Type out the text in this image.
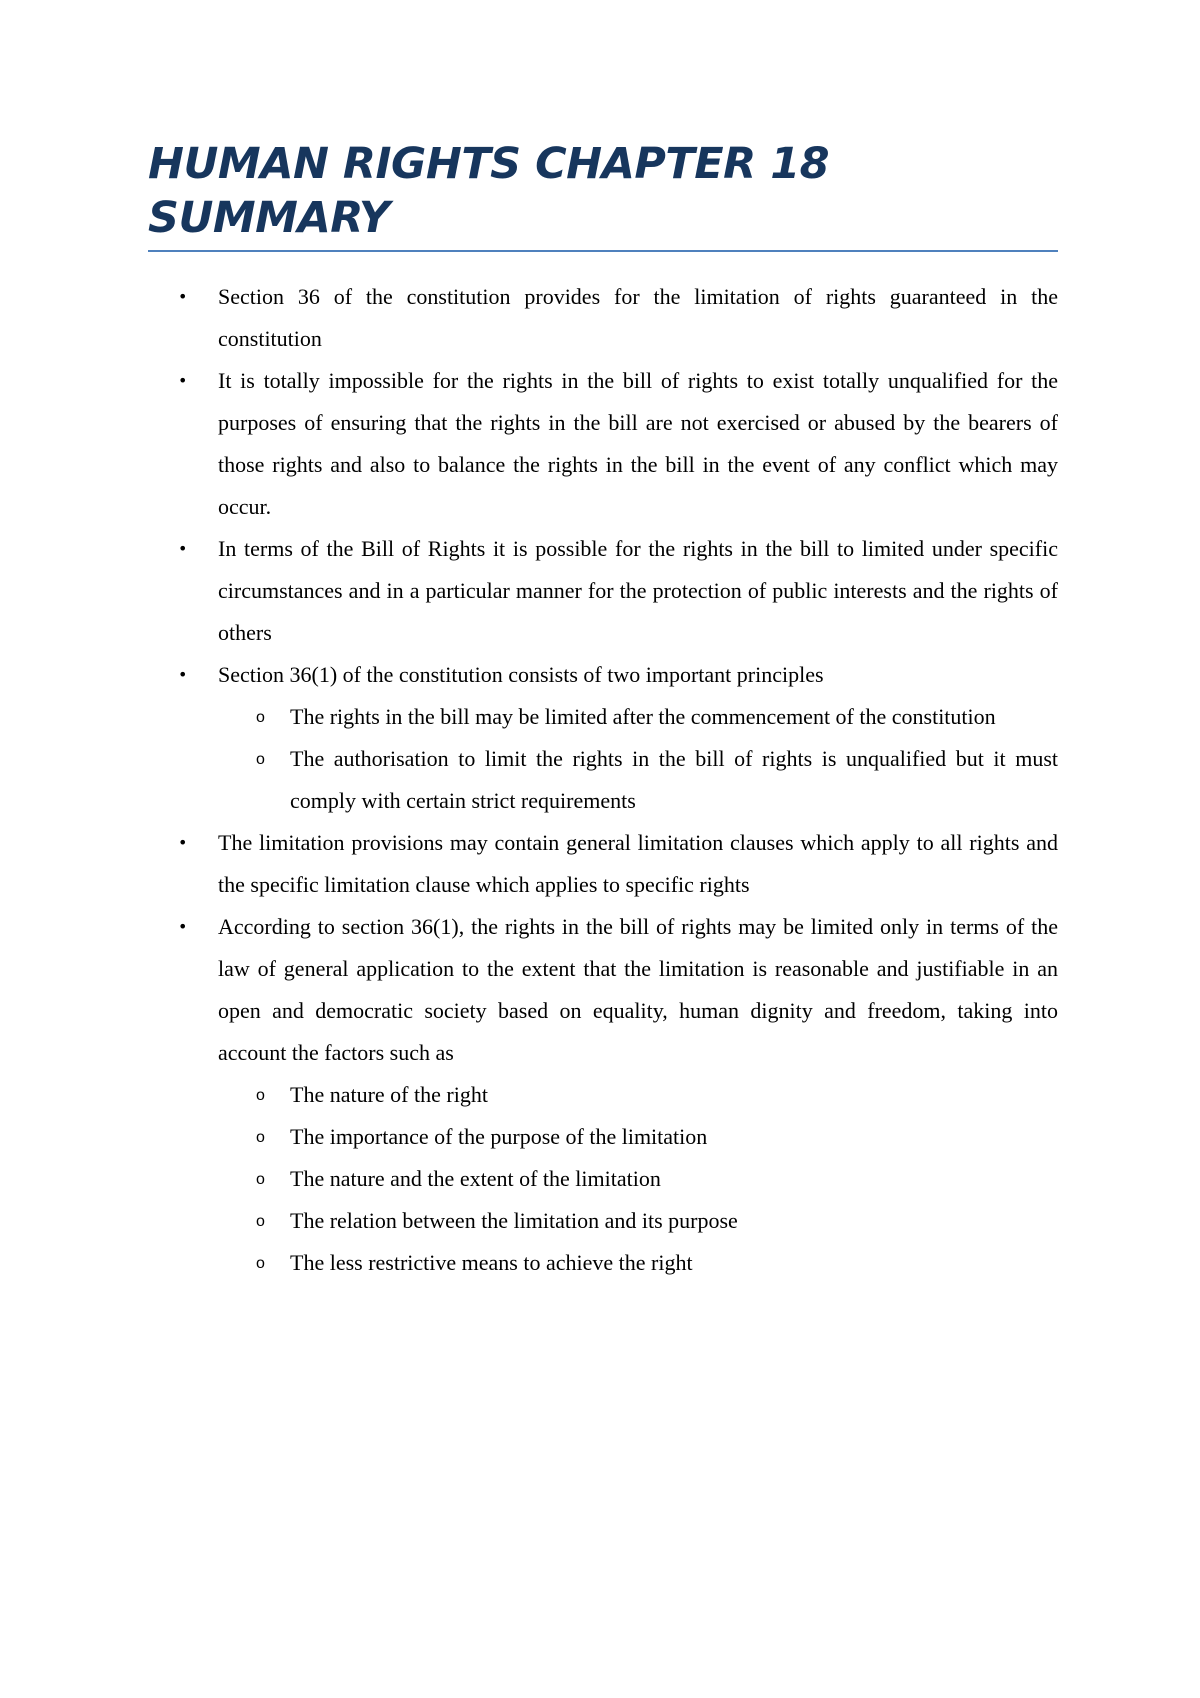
HUMAN RIGHTS CHAPTER 18 SUMMARY
• Section 36 of the constitution provides for the limitation of rights guaranteed in the constitution
• It is totally impossible for the rights in the bill of rights to exist totally unqualified for the purposes of ensuring that the rights in the bill are not exercised or abused by the bearers of those rights and also to balance the rights in the bill in the event of any conflict which may occur.
• In terms of the Bill of Rights it is possible for the rights in the bill to limited under specific circumstances and in a particular manner for the protection of public interests and the rights of others
• Section 36(1) of the constitution consists of two important principles
o The rights in the bill may be limited after the commencement of the constitution
o The authorisation to limit the rights in the bill of rights is unqualified but it must comply with certain strict requirements
• The limitation provisions may contain general limitation clauses which apply to all rights and the specific limitation clause which applies to specific rights
• According to section 36(1), the rights in the bill of rights may be limited only in terms of the law of general application to the extent that the limitation is reasonable and justifiable in an open and democratic society based on equality, human dignity and freedom, taking into account the factors such as
o The nature of the right
o The importance of the purpose of the limitation
o The nature and the extent of the limitation
o The relation between the limitation and its purpose
o The less restrictive means to achieve the right
